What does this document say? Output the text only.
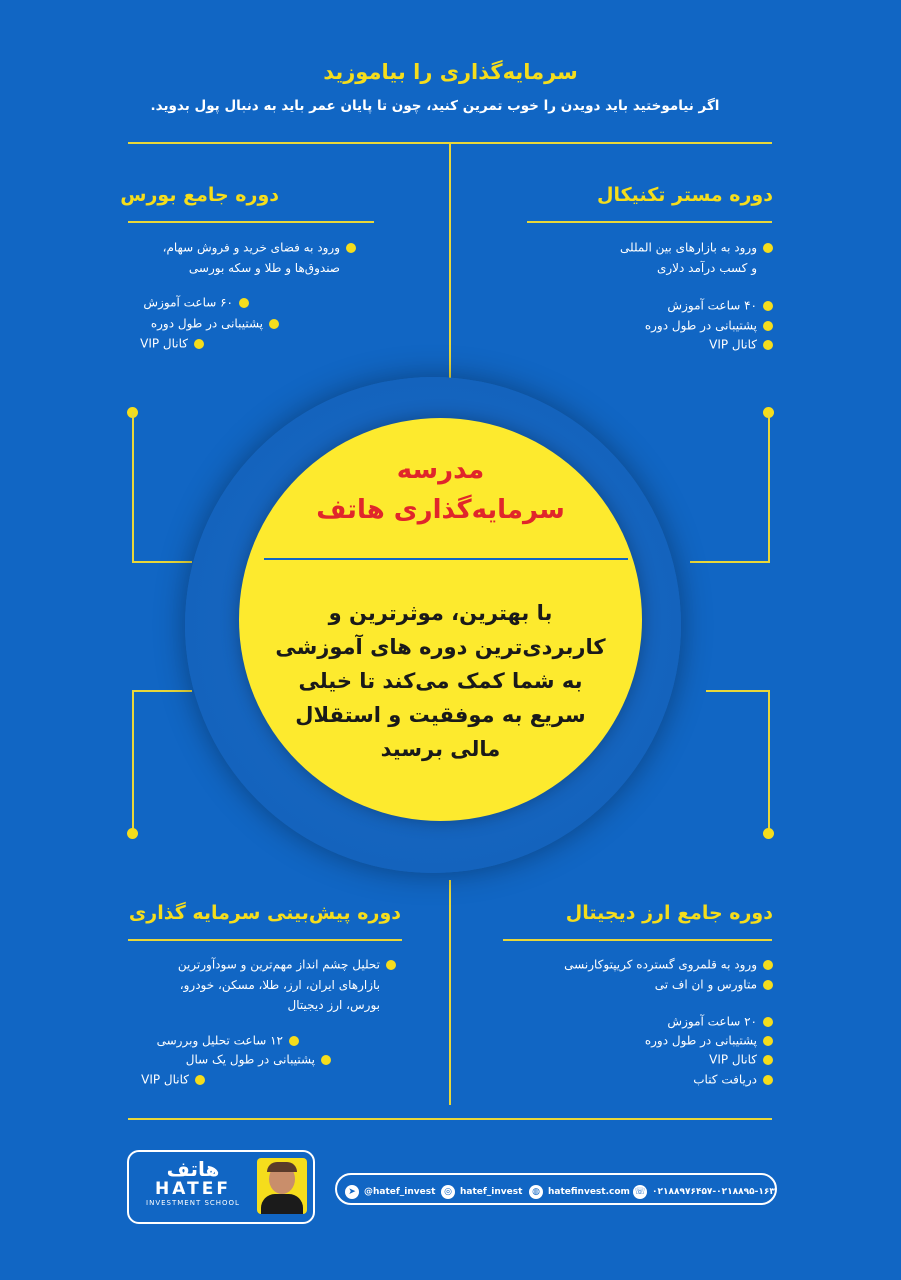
سرمایه‌گذاری را بیاموزید
اگر نیاموختید باید دویدن را خوب تمرین کنید، چون تا پایان عمر باید به دنبال پول بدوید.
دوره جامع بورس
ورود به فضای خرید و فروش سهام،
صندوق‌ها و طلا و سکه بورسی
۶۰ ساعت آموزش
پشتیبانی در طول دوره
کانال VIP
دوره مستر تکنیکال
ورود به بازارهای بین المللی
و کسب درآمد دلاری
۴۰ ساعت آموزش
پشتیبانی در طول دوره
کانال VIP
مدرسه
سرمایه‌گذاری هاتف
با بهترین، موثرترین و
کاربردی‌ترین دوره های آموزشی
به شما کمک می‌کند تا خیلی
سریع به موفقیت و استقلال
مالی برسید
دوره پیش‌بینی سرمایه گذاری
تحلیل چشم انداز مهم‌ترین و سودآورترین
بازارهای ایران، ارز، طلا، مسکن، خودرو،
بورس، ارز دیجیتال
۱۲ ساعت تحلیل وبررسی
پشتیبانی در طول یک سال
کانال VIP
دوره جامع ارز دیجیتال
ورود به قلمروی گسترده کریپتوکارنسی
متاورس و ان اف تی
۲۰ ساعت آموزش
پشتیبانی در طول دوره
کانال VIP
دریافت کتاب
هاتف
HATEF
INVESTMENT SCHOOL
➤ @hatef_invest ◎ hatef_invest	◍ hatefinvest.com ☏ ۰۲۱۸۸۹۷۶۴۵۷-۰۲۱۸۸۹۵-۱۶۳
